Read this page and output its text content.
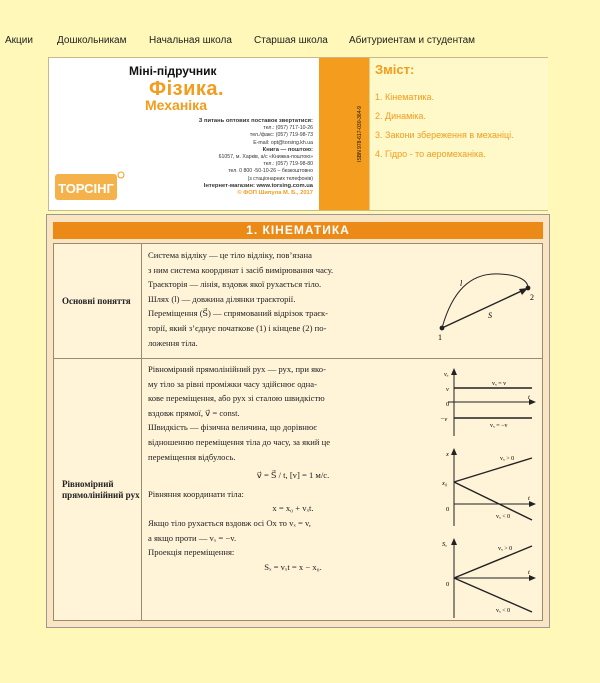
Акции Дошкольникам Начальная школа Старшая школа Абитуриентам и студентам
Міні-підручник
Фізика.
Механіка
З питань оптових поставок звертатися:
тел.: (057) 717-10-26
тел./факс: (057) 719-98-73
E-mail: opt@torsing.kh.ua
Книга — поштою:
61057, м. Харків, а/с «Книжка-поштою»
тел.: (057) 719-98-80
тел. 0 800 -50-10-26 – безкоштовно
(з стаціонарних телефонів)
Інтернет-магазин: www.torsing.com.ua
© ФОП Шипула М. Б., 2017
ТОРСІНГ
ISBN 978-617-030-364-9
Зміст:
1. Кінематика.
2. Динаміка.
3. Закони збереження в механіці.
4. Гідро - то аеромеханіка.
1. КІНЕМАТИКА
Основні поняття

Система відліку — це тіло відліку, пов’язана

з ним система координат і засіб вимірювання часу.

Траєкторія — лінія, вздовж якої рухається тіло.

Шлях (l) — довжина ділянки траєкторії.

Переміщення (S⃗) — спрямований відрізок траєк-

торії, який з’єднує початкове (1) і кінцеве (2) по-

ложення тіла.

l
1
2
S⃗
Рівномірний прямолінійний рух

Рівномірний прямолінійний рух — рух, при яко-

му тіло за рівні проміжки часу здійснює одна-

кове переміщення, або рух зі сталою швидкістю

вздовж прямої, v⃗ = const.

Швидкість — фізична величина, що дорівнює

відношенню переміщення тіла до часу, за який це

переміщення відбулось.

v⃗ = S⃗ / t, [v] = 1 м/с.

Рівняння координати тіла:

x = x₀ + vₓt.

Якщо тіло рухається вздовж осі Ox то vₓ = v,

а якщо проти — vₓ = −v.

Проекція переміщення:

Sₓ = vₓt = x − x₀.

vₓ
vₓ = v
vₓ = −v
0
v
−v
t
x
vₓ > 0
x₀
vₓ < 0
t
0
Sₓ
vₓ > 0
vₓ < 0
t
0
